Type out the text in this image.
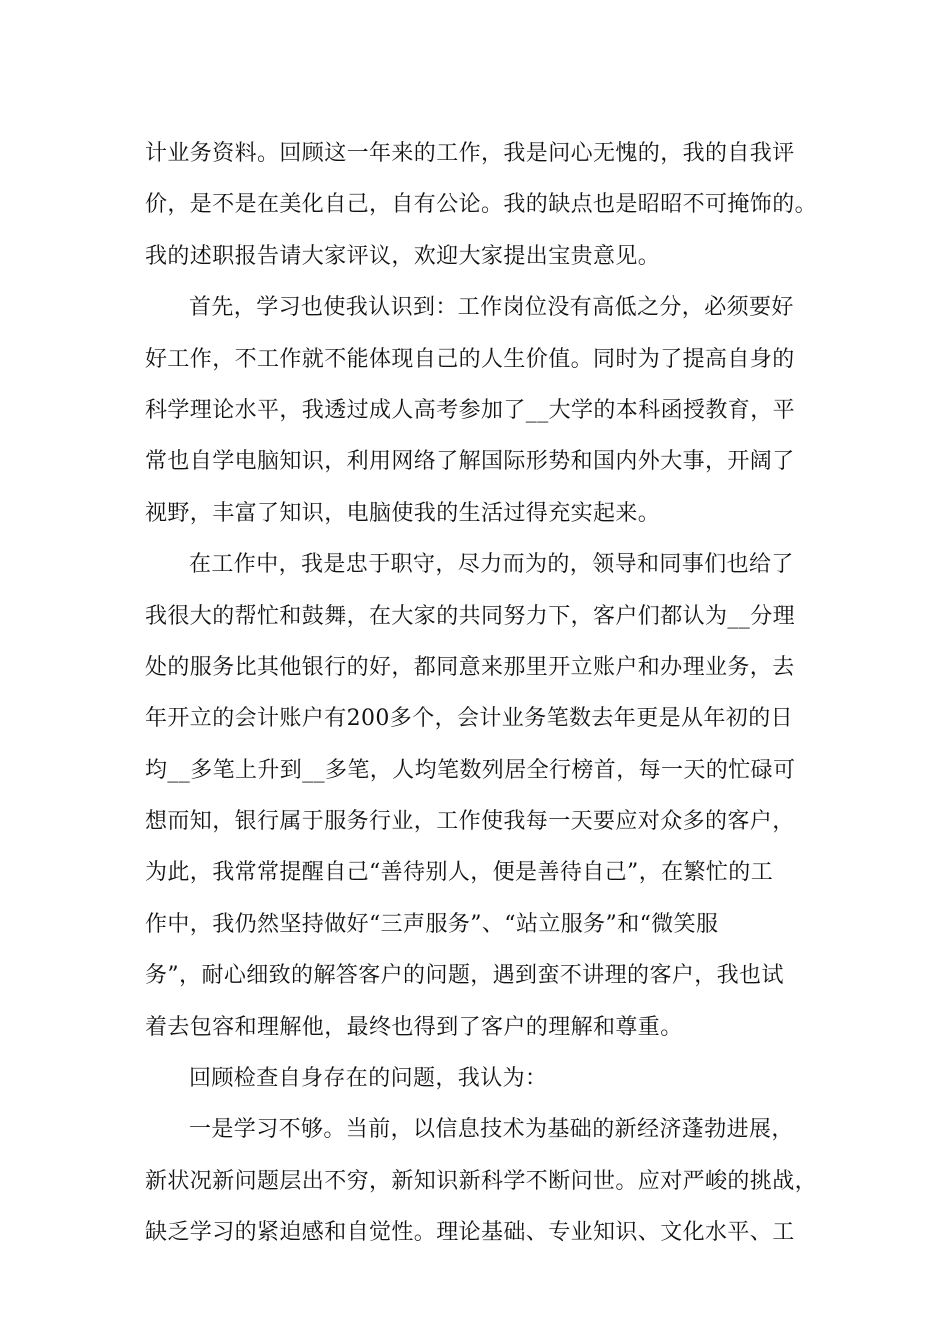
计业务资料。回顾这一年来的工作，我是问心无愧的，我的自我评
价，是不是在美化自己，自有公论。我的缺点也是昭昭不可掩饰的。
我的述职报告请大家评议，欢迎大家提出宝贵意见。
首先，学习也使我认识到：工作岗位没有高低之分，必须要好
好工作，不工作就不能体现自己的人生价值。同时为了提高自身的
科学理论水平，我透过成人高考参加了__大学的本科函授教育，平
常也自学电脑知识，利用网络了解国际形势和国内外大事，开阔了
视野，丰富了知识，电脑使我的生活过得充实起来。
在工作中，我是忠于职守，尽力而为的，领导和同事们也给了
我很大的帮忙和鼓舞，在大家的共同努力下，客户们都认为__分理
处的服务比其他银行的好，都同意来那里开立账户和办理业务，去
年开立的会计账户有200多个，会计业务笔数去年更是从年初的日
均__多笔上升到__多笔，人均笔数列居全行榜首，每一天的忙碌可
想而知，银行属于服务行业，工作使我每一天要应对众多的客户，
为此，我常常提醒自己“善待别人，便是善待自己”，在繁忙的工
作中，我仍然坚持做好“三声服务”、“站立服务”和“微笑服
务”，耐心细致的解答客户的问题，遇到蛮不讲理的客户，我也试
着去包容和理解他，最终也得到了客户的理解和尊重。
回顾检查自身存在的问题，我认为：
一是学习不够。当前，以信息技术为基础的新经济蓬勃进展，
新状况新问题层出不穷，新知识新科学不断问世。应对严峻的挑战，
缺乏学习的紧迫感和自觉性。理论基础、专业知识、文化水平、工
